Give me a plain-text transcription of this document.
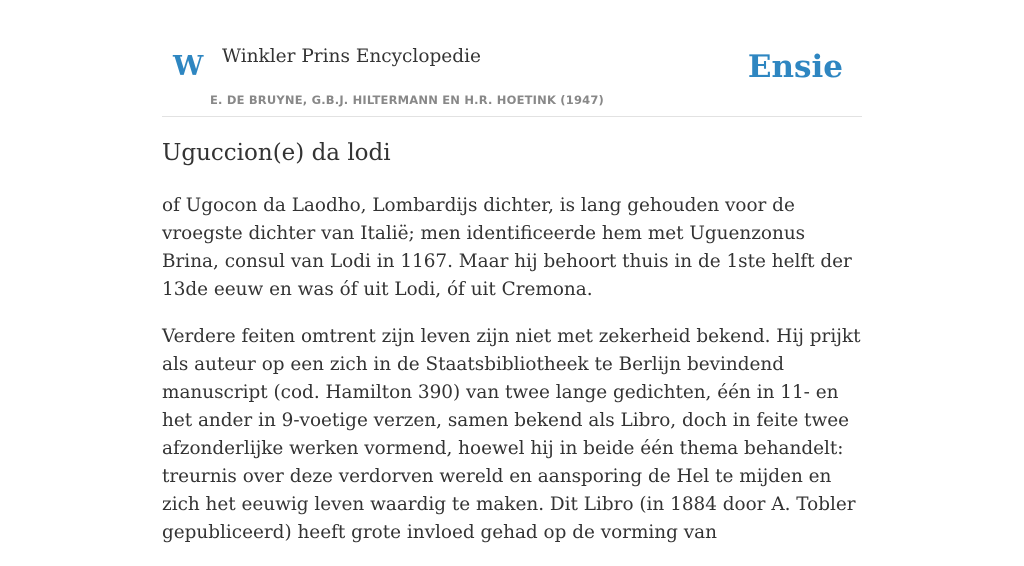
W Winkler Prins Encyclopedie
E. DE BRUYNE, G.B.J. HILTERMANN EN H.R. HOETINK (1947)
Ensie
Uguccion(e) da lodi

of Ugocon da Laodho, Lombardijs dichter, is lang gehouden voor de vroegste dichter van Italië; men identificeerde hem met Uguenzonus Brina, consul van Lodi in 1167. Maar hij behoort thuis in de 1ste helft der 13de eeuw en was óf uit Lodi, óf uit Cremona.

Verdere feiten omtrent zijn leven zijn niet met zekerheid bekend. Hij prijkt als auteur op een zich in de Staatsbibliotheek te Berlijn bevindend manuscript (cod. Hamilton 390) van twee lange gedichten, één in 11- en het ander in 9-voetige verzen, samen bekend als Libro, doch in feite twee afzonderlijke werken vormend, hoewel hij in beide één thema behandelt: treurnis over deze verdorven wereld en aansporing de Hel te mijden en zich het eeuwig leven waardig te maken. Dit Libro (in 1884 door A. Tobler gepubliceerd) heeft grote invloed gehad op de vorming van
